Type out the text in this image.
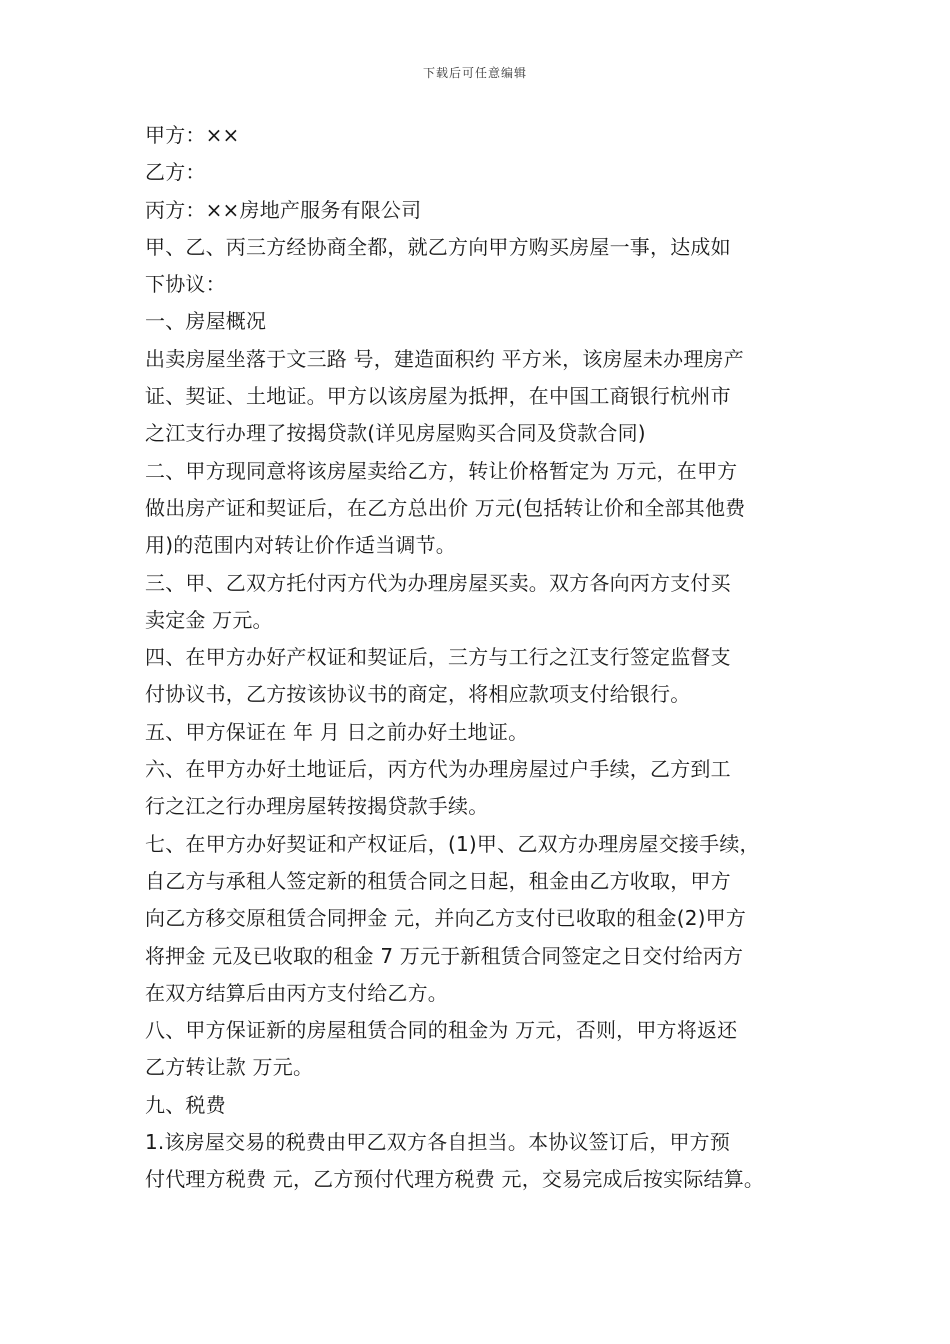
下载后可任意编辑

甲方：××

乙方：

丙方：××房地产服务有限公司

甲、乙、丙三方经协商全都，就乙方向甲方购买房屋一事，达成如

下协议：

一、房屋概况

出卖房屋坐落于文三路 号，建造面积约 平方米，该房屋未办理房产

证、契证、土地证。甲方以该房屋为抵押，在中国工商银行杭州市

之江支行办理了按揭贷款(详见房屋购买合同及贷款合同)

二、甲方现同意将该房屋卖给乙方，转让价格暂定为 万元，在甲方

做出房产证和契证后，在乙方总出价 万元(包括转让价和全部其他费

用)的范围内对转让价作适当调节。

三、甲、乙双方托付丙方代为办理房屋买卖。双方各向丙方支付买

卖定金 万元。

四、在甲方办好产权证和契证后，三方与工行之江支行签定监督支

付协议书，乙方按该协议书的商定，将相应款项支付给银行。

五、甲方保证在 年 月 日之前办好土地证。

六、在甲方办好土地证后，丙方代为办理房屋过户手续，乙方到工

行之江之行办理房屋转按揭贷款手续。

七、在甲方办好契证和产权证后，(1)甲、乙双方办理房屋交接手续，

自乙方与承租人签定新的租赁合同之日起，租金由乙方收取，甲方

向乙方移交原租赁合同押金 元，并向乙方支付已收取的租金(2)甲方

将押金 元及已收取的租金 7 万元于新租赁合同签定之日交付给丙方

在双方结算后由丙方支付给乙方。

八、甲方保证新的房屋租赁合同的租金为 万元，否则，甲方将返还

乙方转让款 万元。

九、税费

1.该房屋交易的税费由甲乙双方各自担当。本协议签订后，甲方预

付代理方税费 元，乙方预付代理方税费 元，交易完成后按实际结算。
